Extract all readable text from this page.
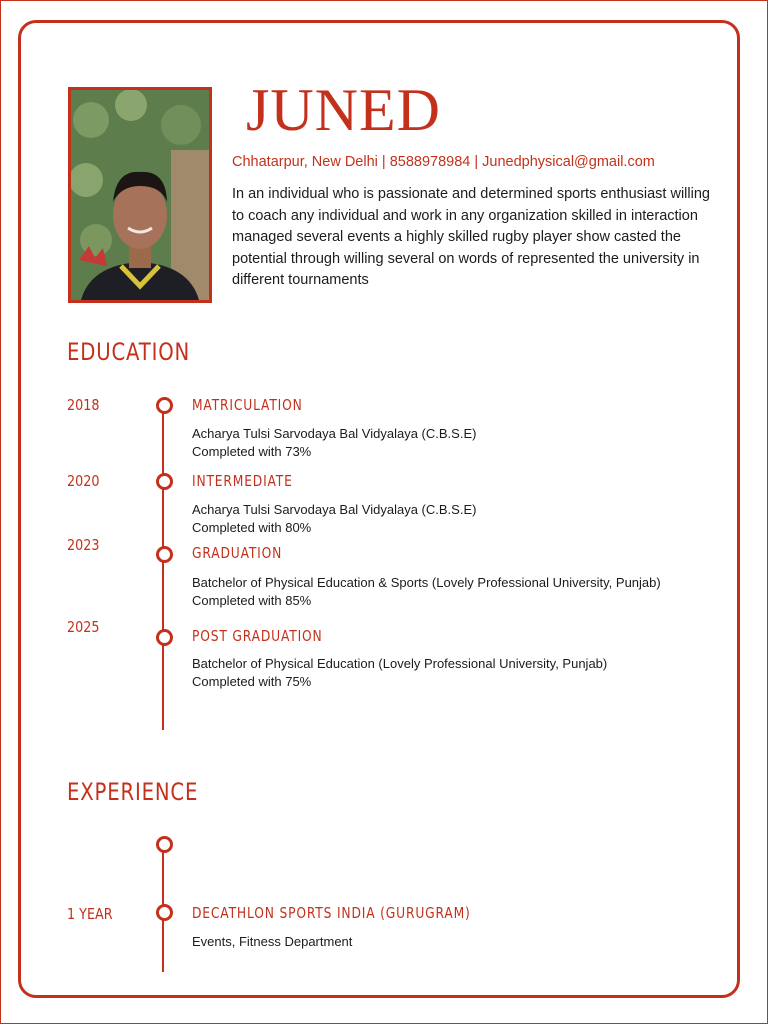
JUNED
Chhatarpur, New Delhi | 8588978984 | Junedphysical@gmail.com
In an individual who is passionate and determined sports enthusiast willing to coach any individual and work in any organization skilled in interaction managed several events a highly skilled rugby player show casted the potential through willing several on words of represented the university in different tournaments
EDUCATION
2018	MATRICULATION
Acharya Tulsi Sarvodaya Bal Vidyalaya (C.B.S.E)
Completed with 73%
2020	INTERMEDIATE
Acharya Tulsi Sarvodaya Bal Vidyalaya (C.B.S.E)
Completed with 80%
2023	GRADUATION
Batchelor of Physical Education & Sports (Lovely Professional University, Punjab)
Completed with 85%
2025	POST GRADUATION
Batchelor of Physical Education (Lovely Professional University, Punjab)
Completed with 75%
EXPERIENCE
1 YEAR	DECATHLON SPORTS INDIA (GURUGRAM)
Events, Fitness Department
